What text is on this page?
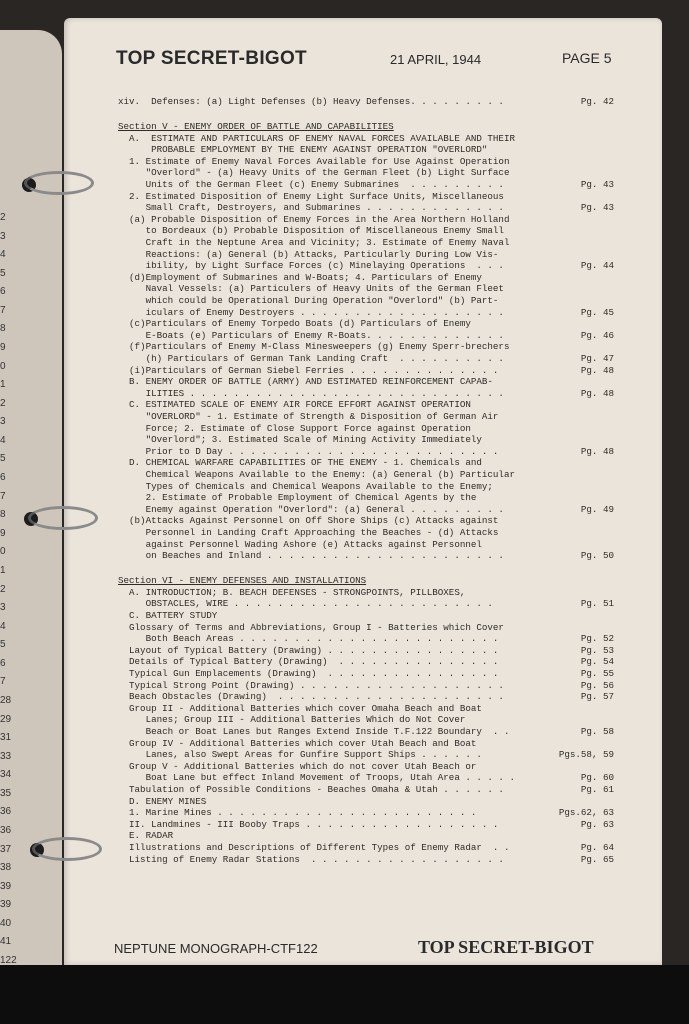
2
3
4
5
6
7
8
9
0
1
2
3
4
5
6
7
8
9
0
1
2
3
4
5
6
7
28
29
31
33
34
35
36
36
37
38
39
39
40
41
122
TOP SECRET-BIGOT	21 APRIL, 1944	PAGE 5
xiv.  Defenses: (a) Light Defenses (b) Heavy Defenses. . . . . . . . .	Pg. 42
Section V - ENEMY ORDER OF BATTLE AND CAPABILITIES
A.  ESTIMATE AND PARTICULARS OF ENEMY NAVAL FORCES AVAILABLE AND THEIR
PROBABLE EMPLOYMENT BY THE ENEMY AGAINST OPERATION "OVERLORD"
1. Estimate of Enemy Naval Forces Available for Use Against Operation
"Overlord" - (a) Heavy Units of the German Fleet (b) Light Surface
Units of the German Fleet (c) Enemy Submarines  . . . . . . . . .	Pg. 43
2. Estimated Disposition of Enemy Light Surface Units, Miscellaneous
Small Craft, Destroyers, and Submarines . . . . . . . . . . . . .	Pg. 43
(a) Probable Disposition of Enemy Forces in the Area Northern Holland
to Bordeaux (b) Probable Disposition of Miscellaneous Enemy Small
Craft in the Neptune Area and Vicinity; 3. Estimate of Enemy Naval
Reactions: (a) General (b) Attacks, Particularly During Low Vis-
ibility, by Light Surface Forces (c) Minelaying Operations  . . .	Pg. 44
(d)Employment of Submarines and W-Boats; 4. Particulars of Enemy
Naval Vessels: (a) Particulers of Heavy Units of the German Fleet
which could be Operational During Operation "Overlord" (b) Part-
iculars of Enemy Destroyers . . . . . . . . . . . . . . . . . . .	Pg. 45
(c)Particulars of Enemy Torpedo Boats (d) Particulars of Enemy
E-Boats (e) Particulars of Enemy R-Boats. . . . . . . . . . . . .	Pg. 46
(f)Particulars of Enemy M-Class Minesweepers (g) Enemy Sperr-brechers
(h) Particulars of German Tank Landing Craft  . . . . . . . . . .	Pg. 47
(i)Particulars of German Siebel Ferries . . . . . . . . . . . . . .	Pg. 48
B. ENEMY ORDER OF BATTLE (ARMY) AND ESTIMATED REINFORCEMENT CAPAB-
ILITIES . . . . . . . . . . . . . . . . . . . . . . . . . . . . .	Pg. 48
C. ESTIMATED SCALE OF ENEMY AIR FORCE EFFORT AGAINST OPERATION
"OVERLORD" - 1. Estimate of Strength & Disposition of German Air
Force; 2. Estimate of Close Support Force against Operation
"Overlord"; 3. Estimated Scale of Mining Activity Immediately
Prior to D Day . . . . . . . . . . . . . . . . . . . . . . . . .	Pg. 48
D. CHEMICAL WARFARE CAPABILITIES OF THE ENEMY - 1. Chemicals and
Chemical Weapons Available to the Enemy: (a) General (b) Particular
Types of Chemicals and Chemical Weapons Available to the Enemy;
2. Estimate of Probable Employment of Chemical Agents by the
Enemy against Operation "Overlord": (a) General . . . . . . . . .	Pg. 49
(b)Attacks Against Personnel on Off Shore Ships (c) Attacks against
Personnel in Landing Craft Approaching the Beaches - (d) Attacks
against Personnel Wading Ashore (e) Attacks against Personnel
on Beaches and Inland . . . . . . . . . . . . . . . . . . . . . .	Pg. 50
Section VI - ENEMY DEFENSES AND INSTALLATIONS
A. INTRODUCTION; B. BEACH DEFENSES - STRONGPOINTS, PILLBOXES,
OBSTACLES, WIRE . . . . . . . . . . . . . . . . . . . . . . . .	Pg. 51
C. BATTERY STUDY
Glossary of Terms and Abbreviations, Group I - Batteries which Cover
Both Beach Areas . . . . . . . . . . . . . . . . . . . . . . . .	Pg. 52
Layout of Typical Battery (Drawing) . . . . . . . . . . . . . . . .	Pg. 53
Details of Typical Battery (Drawing)  . . . . . . . . . . . . . . .	Pg. 54
Typical Gun Emplacements (Drawing)  . . . . . . . . . . . . . . . .	Pg. 55
Typical Strong Point (Drawing) . . . . . . . . . . . . . . . . . . .	Pg. 56
Beach Obstacles (Drawing)  . . . . . . . . . . . . . . . . . . . . .	Pg. 57
Group II - Additional Batteries which cover Omaha Beach and Boat
Lanes; Group III - Additional Batteries Which do Not Cover
Beach or Boat Lanes but Ranges Extend Inside T.F.122 Boundary  . .	Pg. 58
Group IV - Additional Batteries which cover Utah Beach and Boat
Lanes, also Swept Areas for Gunfire Support Ships . . . . . .	Pgs.58, 59
Group V - Additional Batteries which do not cover Utah Beach or
Boat Lane but effect Inland Movement of Troops, Utah Area . . . . .	Pg. 60
Tabulation of Possible Conditions - Beaches Omaha & Utah . . . . . .	Pg. 61
D. ENEMY MINES
1. Marine Mines . . . . . . . . . . . . . . . . . . . . . . . .	Pgs.62, 63
II. Landmines - III Booby Traps . . . . . . . . . . . . . . . . . .	Pg. 63
E. RADAR
Illustrations and Descriptions of Different Types of Enemy Radar  . .	Pg. 64
Listing of Enemy Radar Stations  . . . . . . . . . . . . . . . . . .	Pg. 65
NEPTUNE MONOGRAPH-CTF122	TOP SECRET-BIGOT
